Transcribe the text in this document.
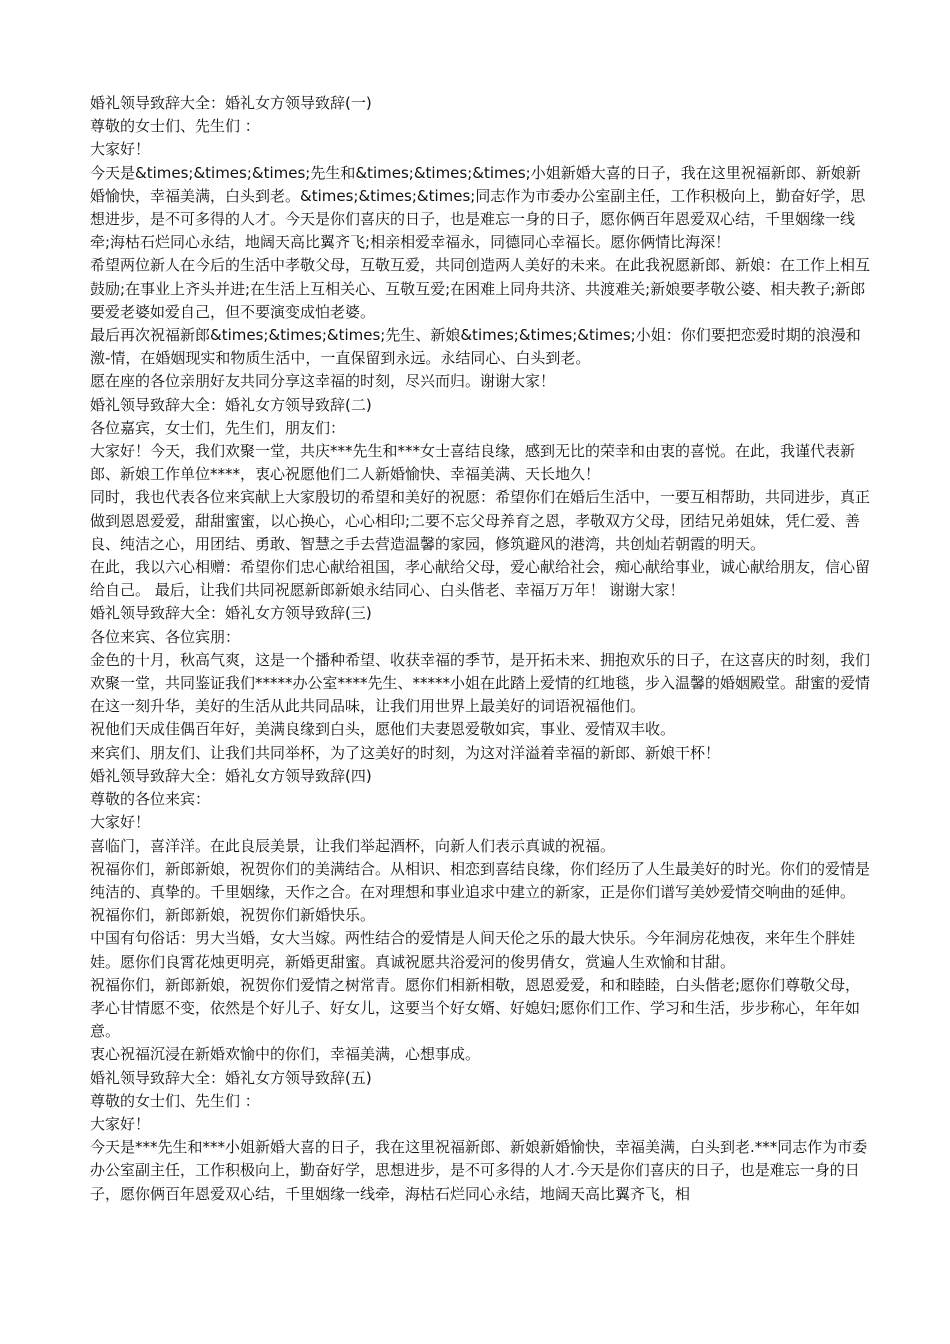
婚礼领导致辞大全：婚礼女方领导致辞(一)

尊敬的女士们、先生们 ：

大家好！

今天是&times;&times;&times;先生和&times;&times;&times;小姐新婚大喜的日子，我在这里祝福新郎、新娘新婚愉快，幸福美满，白头到老。&times;&times;&times;同志作为市委办公室副主任，工作积极向上，勤奋好学，思想进步，是不可多得的人才。今天是你们喜庆的日子，也是难忘一身的日子，愿你俩百年恩爱双心结，千里姻缘一线牵;海枯石烂同心永结，地阔天高比翼齐飞;相亲相爱幸福永，同德同心幸福长。愿你俩情比海深！

希望两位新人在今后的生活中孝敬父母，互敬互爱，共同创造两人美好的未来。在此我祝愿新郎、新娘：在工作上相互鼓励;在事业上齐头并进;在生活上互相关心、互敬互爱;在困难上同舟共济、共渡难关;新娘要孝敬公婆、相夫教子;新郎要爱老婆如爱自己，但不要演变成怕老婆。

最后再次祝福新郎&times;&times;&times;先生、新娘&times;&times;&times;小姐：你们要把恋爱时期的浪漫和激-情，在婚姻现实和物质生活中，一直保留到永远。永结同心、白头到老。

愿在座的各位亲朋好友共同分享这幸福的时刻，尽兴而归。谢谢大家！

婚礼领导致辞大全：婚礼女方领导致辞(二)

各位嘉宾，女士们，先生们，朋友们：

大家好！今天，我们欢聚一堂，共庆***先生和***女士喜结良缘，感到无比的荣幸和由衷的喜悦。在此，我谨代表新郎、新娘工作单位****，衷心祝愿他们二人新婚愉快、幸福美满、天长地久！

同时，我也代表各位来宾献上大家殷切的希望和美好的祝愿：希望你们在婚后生活中，一要互相帮助，共同进步，真正做到恩恩爱爱，甜甜蜜蜜，以心换心，心心相印;二要不忘父母养育之恩，孝敬双方父母，团结兄弟姐妹，凭仁爱、善良、纯洁之心，用团结、勇敢、智慧之手去营造温馨的家园，修筑避风的港湾，共创灿若朝霞的明天。

在此，我以六心相赠：希望你们忠心献给祖国，孝心献给父母，爱心献给社会，痴心献给事业，诚心献给朋友，信心留给自己。 最后，让我们共同祝愿新郎新娘永结同心、白头偕老、幸福万万年！ 谢谢大家！

婚礼领导致辞大全：婚礼女方领导致辞(三)

各位来宾、各位宾朋：

金色的十月，秋高气爽，这是一个播种希望、收获幸福的季节，是开拓未来、拥抱欢乐的日子，在这喜庆的时刻，我们欢聚一堂，共同鉴证我们*****办公室****先生、*****小姐在此踏上爱情的红地毯，步入温馨的婚姻殿堂。甜蜜的爱情在这一刻升华，美好的生活从此共同品味，让我们用世界上最美好的词语祝福他们。

祝他们天成佳偶百年好，美满良缘到白头，愿他们夫妻恩爱敬如宾，事业、爱情双丰收。

来宾们、朋友们、让我们共同举杯，为了这美好的时刻，为这对洋溢着幸福的新郎、新娘干杯！

婚礼领导致辞大全：婚礼女方领导致辞(四)

尊敬的各位来宾：

大家好！

喜临门，喜洋洋。在此良辰美景，让我们举起酒杯，向新人们表示真诚的祝福。

祝福你们，新郎新娘，祝贺你们的美满结合。从相识、相恋到喜结良缘，你们经历了人生最美好的时光。你们的爱情是纯洁的、真挚的。千里姻缘，天作之合。在对理想和事业追求中建立的新家，正是你们谱写美妙爱情交响曲的延伸。 祝福你们，新郎新娘，祝贺你们新婚快乐。

中国有句俗话：男大当婚，女大当嫁。两性结合的爱情是人间天伦之乐的最大快乐。今年洞房花烛夜，来年生个胖娃娃。愿你们良霄花烛更明亮，新婚更甜蜜。真诚祝愿共浴爱河的俊男倩女，赏遍人生欢愉和甘甜。

祝福你们，新郎新娘，祝贺你们爱情之树常青。愿你们相新相敬，恩恩爱爱，和和睦睦，白头偕老;愿你们尊敬父母，孝心甘情愿不变，依然是个好儿子、好女儿，这要当个好女婿、好媳妇;愿你们工作、学习和生活，步步称心，年年如意。

衷心祝福沉浸在新婚欢愉中的你们，幸福美满，心想事成。

婚礼领导致辞大全：婚礼女方领导致辞(五)

尊敬的女士们、先生们 ：

大家好！

今天是***先生和***小姐新婚大喜的日子，我在这里祝福新郎、新娘新婚愉快，幸福美满，白头到老.***同志作为市委办公室副主任，工作积极向上，勤奋好学，思想进步，是不可多得的人才.今天是你们喜庆的日子，也是难忘一身的日子，愿你俩百年恩爱双心结，千里姻缘一线牵，海枯石烂同心永结，地阔天高比翼齐飞，相
